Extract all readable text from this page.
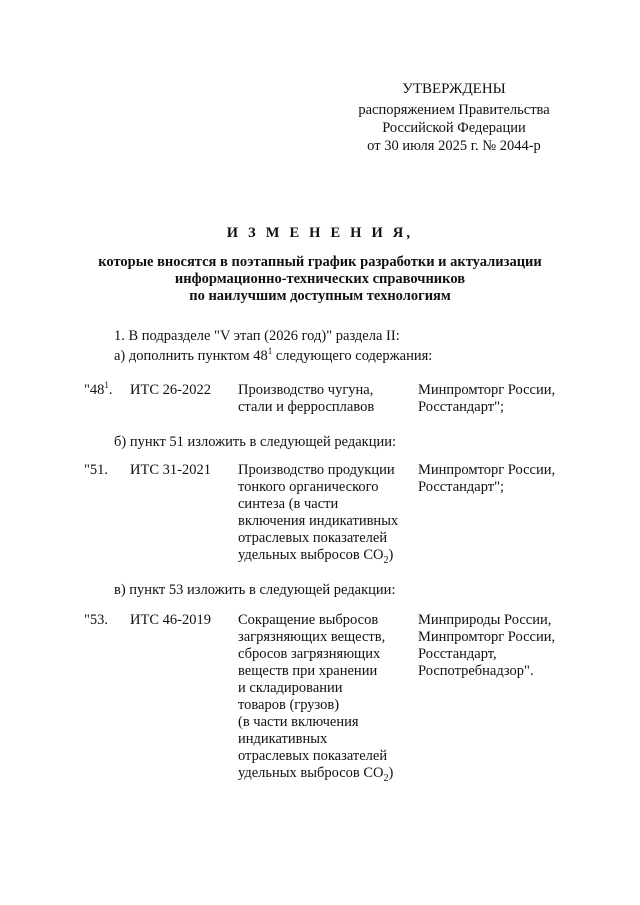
УТВЕРЖДЕНЫ
распоряжением Правительства
Российской Федерации
от 30 июля 2025 г. № 2044-р
И З М Е Н Е Н И Я,
которые вносятся в поэтапный график разработки и актуализации
информационно-технических справочников
по наилучшим доступным технологиям
1. В подразделе "V этап (2026 год)" раздела II:
а) дополнить пунктом $48^1$ следующего содержания:
"$48^1$. ИТС 26-2022 Производство чугуна,
стали и ферросплавов
Минпромторг России,
Росстандарт";
б) пункт 51 изложить в следующей редакции:
"51. ИТС 31-2021 Производство продукции
тонкого органического
синтеза (в части
включения индикативных
отраслевых показателей
удельных выбросов $CO_2$)
Минпромторг России,
Росстандарт";
в) пункт 53 изложить в следующей редакции:
"53. ИТС 46-2019 Сокращение выбросов
загрязняющих веществ,
сбросов загрязняющих
веществ при хранении
и складировании
товаров (грузов)
(в части включения
индикативных
отраслевых показателей
удельных выбросов $CO_2$)
Минприроды России,
Минпромторг России,
Росстандарт,
Роспотребнадзор".
